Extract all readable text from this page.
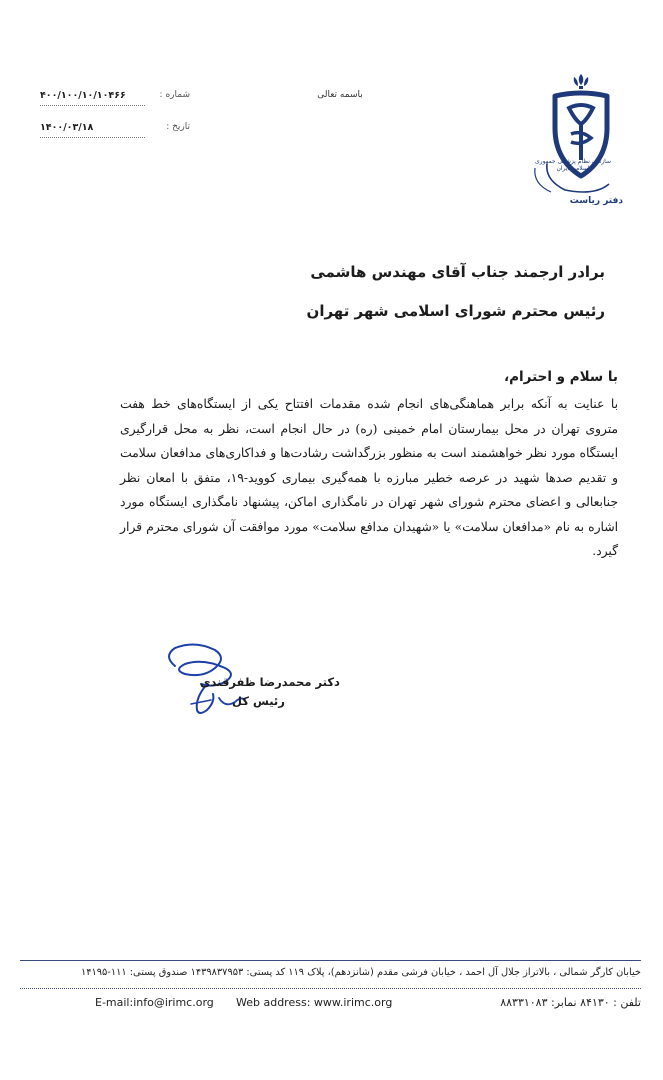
۴۰۰/۱۰۰/۱۰/۱۰۴۶۶	شماره :
۱۴۰۰/۰۳/۱۸	تاریخ :
باسمه تعالی
سازمان نظام پزشکی جمهوری اسلامی ایران
دفتر ریاست
برادر ارجمند جناب آقای مهندس هاشمی
رئیس محترم شورای اسلامی شهر تهران
با سلام و احترام،
با عنایت به آنکه برابر هماهنگی‌های انجام شده مقدمات افتتاح یکی از ایستگاه‌های خط هفت متروی تهران در محل بیمارستان امام خمینی (ره) در حال انجام است، نظر به محل قرارگیری ایستگاه مورد نظر خواهشمند است به منظور بزرگداشت رشادت‌ها و فداکاری‌های مدافعان سلامت و تقدیم صدها شهید در عرصه خطیر مبارزه با همه‌گیری بیماری کووید-۱۹، متفق با امعان نظر جنابعالی و اعضای محترم شورای شهر تهران در نامگذاری اماکن، پیشنهاد نامگذاری ایستگاه مورد اشاره به نام «مدافعان سلامت» یا «شهیدان مدافع سلامت» مورد موافقت آن شورای محترم قرار گیرد.
دکتر محمدرضا ظفرقندی
رئیس کل
خیابان کارگر شمالی ، بالاتراز جلال آل احمد ، خیابان فرشی مقدم (شانزدهم)، پلاک ۱۱۹ کد پستی: ۱۴۳۹۸۳۷۹۵۳ صندوق پستی: ۱۱۱-۱۴۱۹۵
تلفن : ۸۴۱۳۰ نمابر: ۸۸۳۳۱۰۸۳
Web address: www.irimc.org
E-mail:info@irimc.org
